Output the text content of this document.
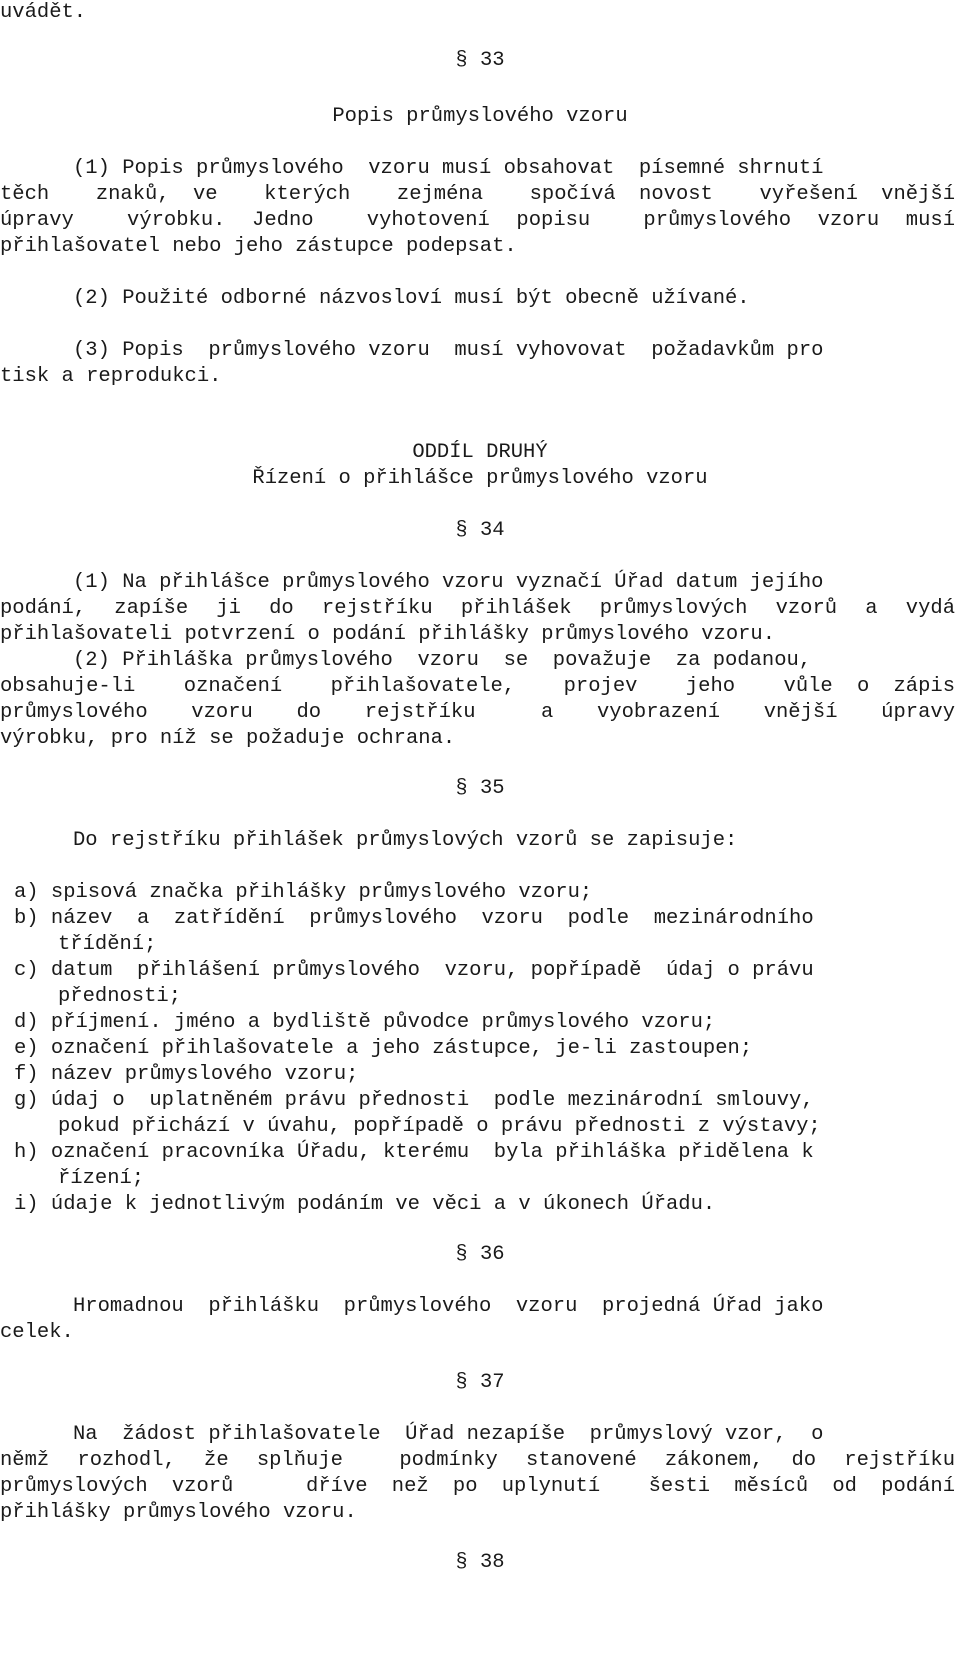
uvádět.
§ 33
Popis průmyslového vzoru
(1) Popis průmyslového  vzoru musí obsahovat  písemné shrnutí
těch  znaků, ve  kterých  zejména  spočívá novost  vyřešení vnější
úpravy  výrobku. Jedno  vyhotovení popisu  průmyslového vzoru musí
přihlašovatel nebo jeho zástupce podepsat.
(2) Použité odborné názvosloví musí být obecně užívané.
(3) Popis  průmyslového vzoru  musí vyhovovat  požadavkům pro
tisk a reprodukci.
ODDÍL DRUHÝ
Řízení o přihlášce průmyslového vzoru
§ 34
(1) Na přihlášce průmyslového vzoru vyznačí Úřad datum jejího
podání, zapíše ji do rejstříku přihlášek průmyslových vzorů a vydá
přihlašovateli potvrzení o podání přihlášky průmyslového vzoru.
(2) Přihláška průmyslového  vzoru  se  považuje  za podanou,
obsahuje-li  označení  přihlašovatele,  projev  jeho  vůle o zápis
průmyslového  vzoru  do  rejstříku   a  vyobrazení  vnější  úpravy
výrobku, pro níž se požaduje ochrana.
§ 35
Do rejstříku přihlášek průmyslových vzorů se zapisuje:
a) spisová značka přihlášky průmyslového vzoru;
b) název  a  zatřídění  průmyslového  vzoru  podle  mezinárodního
třídění;
c) datum  přihlášení průmyslového  vzoru, popřípadě  údaj o právu
přednosti;
d) příjmení. jméno a bydliště původce průmyslového vzoru;
e) označení přihlašovatele a jeho zástupce, je-li zastoupen;
f) název průmyslového vzoru;
g) údaj o  uplatněném právu přednosti  podle mezinárodní smlouvy,
pokud přichází v úvahu, popřípadě o právu přednosti z výstavy;
h) označení pracovníka Úřadu, kterému  byla přihláška přidělena k
řízení;
i) údaje k jednotlivým podáním ve věci a v úkonech Úřadu.
§ 36
Hromadnou  přihlášku  průmyslového  vzoru  projedná Úřad jako
celek.
§ 37
Na  žádost přihlašovatele  Úřad nezapíše  průmyslový vzor,  o
němž rozhodl, že splňuje  podmínky stanovené zákonem, do rejstříku
průmyslových vzorů   dříve než po uplynutí  šesti měsíců od podání
přihlášky průmyslového vzoru.
§ 38
